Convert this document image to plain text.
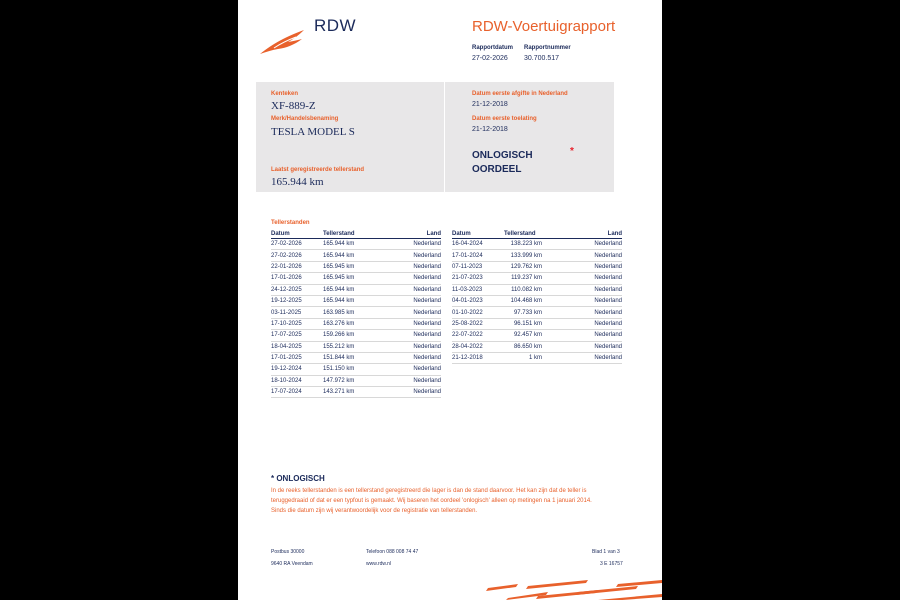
RDW	RDW-Voertuigrapport
Rapportdatum
27-02-2026
Rapportnummer
30.700.517
Kenteken
XF-889-Z
Merk/Handelsbenaming
TESLA MODEL S
Laatst geregistreerde tellerstand
165.944 km
Datum eerste afgifte in Nederland
21-12-2018
Datum eerste toelating
21-12-2018
ONLOGISCH
OORDEEL
*
Tellerstanden
Datum	Tellerstand	Land
27-02-2026	165.944 km	Nederland
27-02-2026	165.944 km	Nederland
22-01-2026	165.945 km	Nederland
17-01-2026	165.945 km	Nederland
24-12-2025	165.944 km	Nederland
19-12-2025	165.944 km	Nederland
03-11-2025	163.985 km	Nederland
17-10-2025	163.276 km	Nederland
17-07-2025	159.266 km	Nederland
18-04-2025	155.212 km	Nederland
17-01-2025	151.844 km	Nederland
19-12-2024	151.150 km	Nederland
18-10-2024	147.972 km	Nederland
17-07-2024	143.271 km	Nederland
Datum	Tellerstand	Land
16-04-2024	138.223 km	Nederland
17-01-2024	133.999 km	Nederland
07-11-2023	129.762 km	Nederland
21-07-2023	119.237 km	Nederland
11-03-2023	110.082 km	Nederland
04-01-2023	104.468 km	Nederland
01-10-2022	97.733 km	Nederland
25-08-2022	96.151 km	Nederland
22-07-2022	92.457 km	Nederland
28-04-2022	86.650 km	Nederland
21-12-2018	1 km	Nederland
* ONLOGISCH
In de reeks tellerstanden is een tellerstand geregistreerd die lager is dan de stand daarvoor. Het kan zijn dat de teller is teruggedraaid of dat er een typfout is gemaakt. Wij baseren het oordeel 'onlogisch' alleen op metingen na 1 januari 2014. Sinds die datum zijn wij verantwoordelijk voor de registratie van tellerstanden.
Postbus 30000
9640 RA Veendam
Telefoon 088 008 74 47
www.rdw.nl
Blad 1 van 3
3 E 16757
